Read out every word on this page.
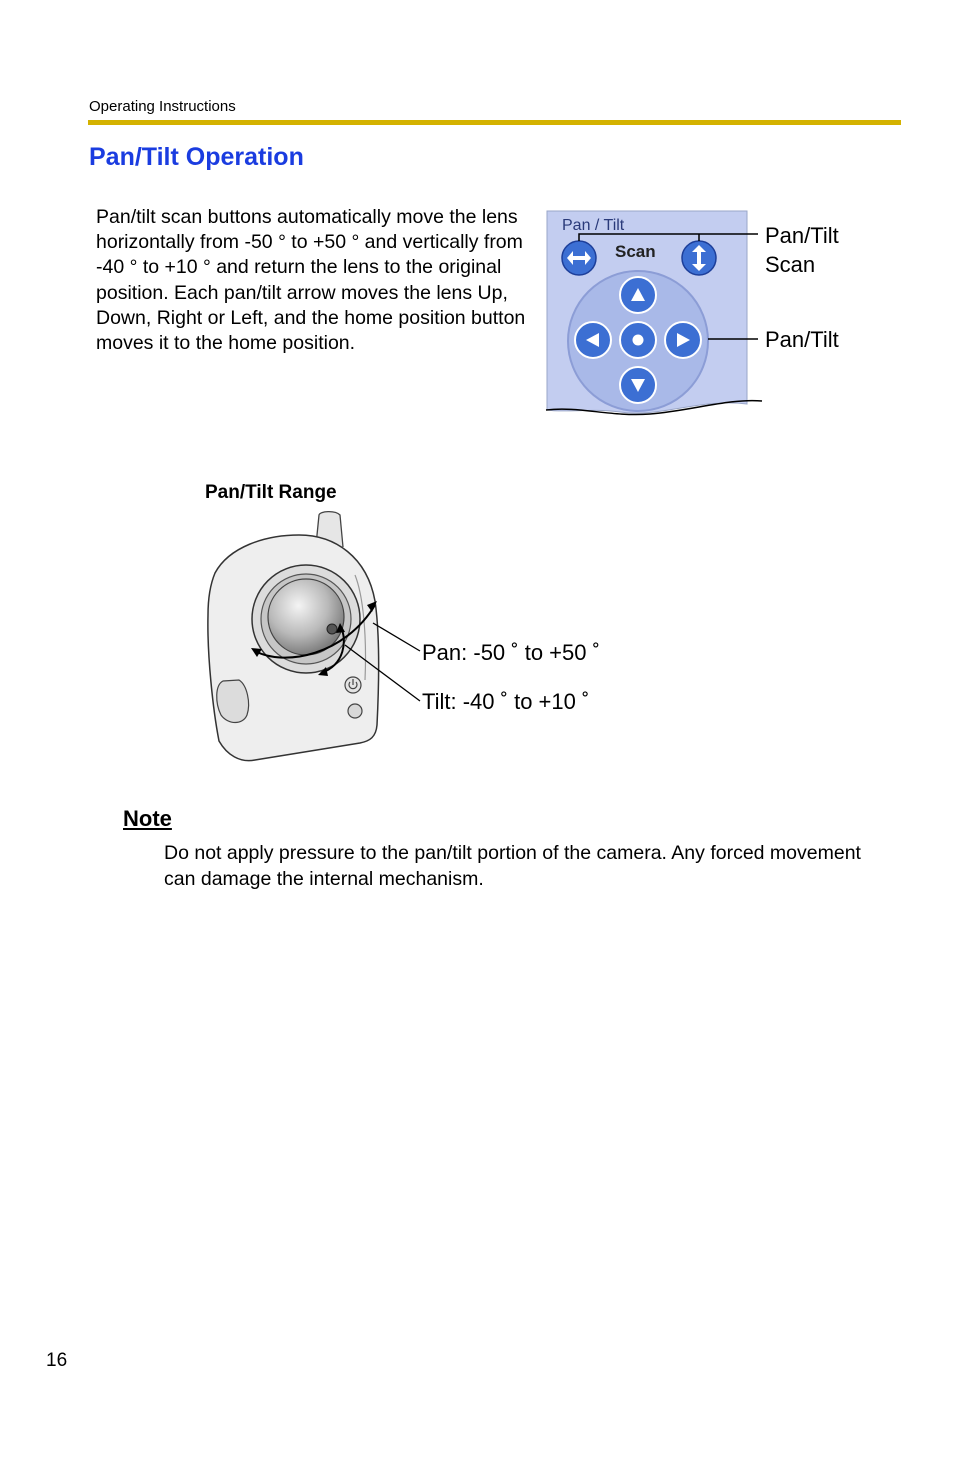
Operating Instructions
Pan/Tilt Operation
Pan/tilt scan buttons automatically move the lens horizontally from -50 ° to +50 ° and vertically from -40 ° to +10 ° and return the lens to the original position. Each pan/tilt arrow moves the lens Up, Down, Right or Left, and the home position button moves it to the home position.
Pan / Tilt
Scan
Pan/Tilt
Scan
Pan/Tilt
Pan/Tilt Range
Pan: -50 ˚ to +50 ˚
Tilt: -40 ˚ to +10 ˚
Note
Do not apply pressure to the pan/tilt portion of the camera. Any forced movement can damage the internal mechanism.
16
